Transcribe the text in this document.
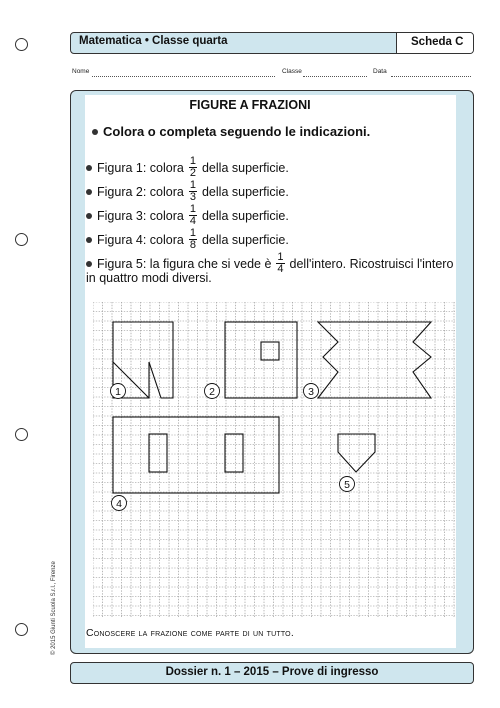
Matematica • Classe quarta	Scheda C
Nome	Classe	Data
FIGURE A FRAZIONI
Colora o completa seguendo le indicazioni.
Figura 1: colora $\frac{1}{2}$ della superficie.
Figura 2: colora $\frac{1}{3}$ della superficie.
Figura 3: colora $\frac{1}{4}$ della superficie.
Figura 4: colora $\frac{1}{8}$ della superficie.
Figura 5: la figura che si vede è $\frac{1}{4}$ dell'intero. Ricostruisci l'intero
in quattro modi diversi.
1	2	3
4
5
Conoscere la frazione come parte di un tutto.
Dossier n. 1 – 2015 – Prove di ingresso
© 2015 Giunti Scuola S.r.l., Firenze
